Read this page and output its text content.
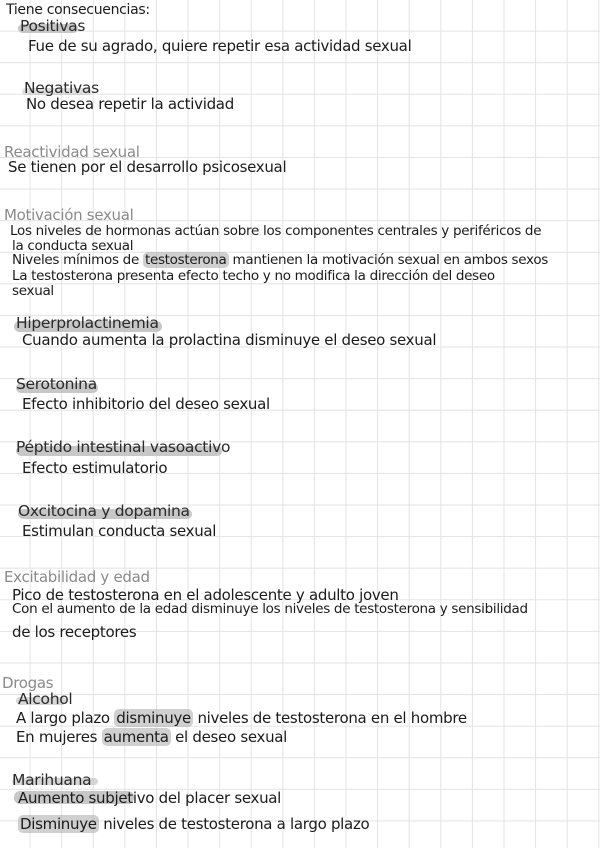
Tiene consecuencias:
Positivas
Fue de su agrado, quiere repetir esa actividad sexual
Negativas
No desea repetir la actividad
Reactividad sexual
Se tienen por el desarrollo psicosexual
Motivación sexual
Los niveles de hormonas actúan sobre los componentes centrales y periféricos de
la conducta sexual
Niveles mínimos de testosterona mantienen la motivación sexual en ambos sexos
La testosterona presenta efecto techo y no modifica la dirección del deseo
sexual
Hiperprolactinemia
Cuando aumenta la prolactina disminuye el deseo sexual
Serotonina
Efecto inhibitorio del deseo sexual
Péptido intestinal vasoactivo
Efecto estimulatorio
Oxcitocina y dopamina
Estimulan conducta sexual
Excitabilidad y edad
Pico de testosterona en el adolescente y adulto joven
Con el aumento de la edad disminuye los niveles de testosterona y sensibilidad
de los receptores
Drogas
Alcohol
A largo plazo disminuye niveles de testosterona en el hombre
En mujeres aumenta el deseo sexual
Marihuana
Aumento subjetivo del placer sexual
Disminuye niveles de testosterona a largo plazo
